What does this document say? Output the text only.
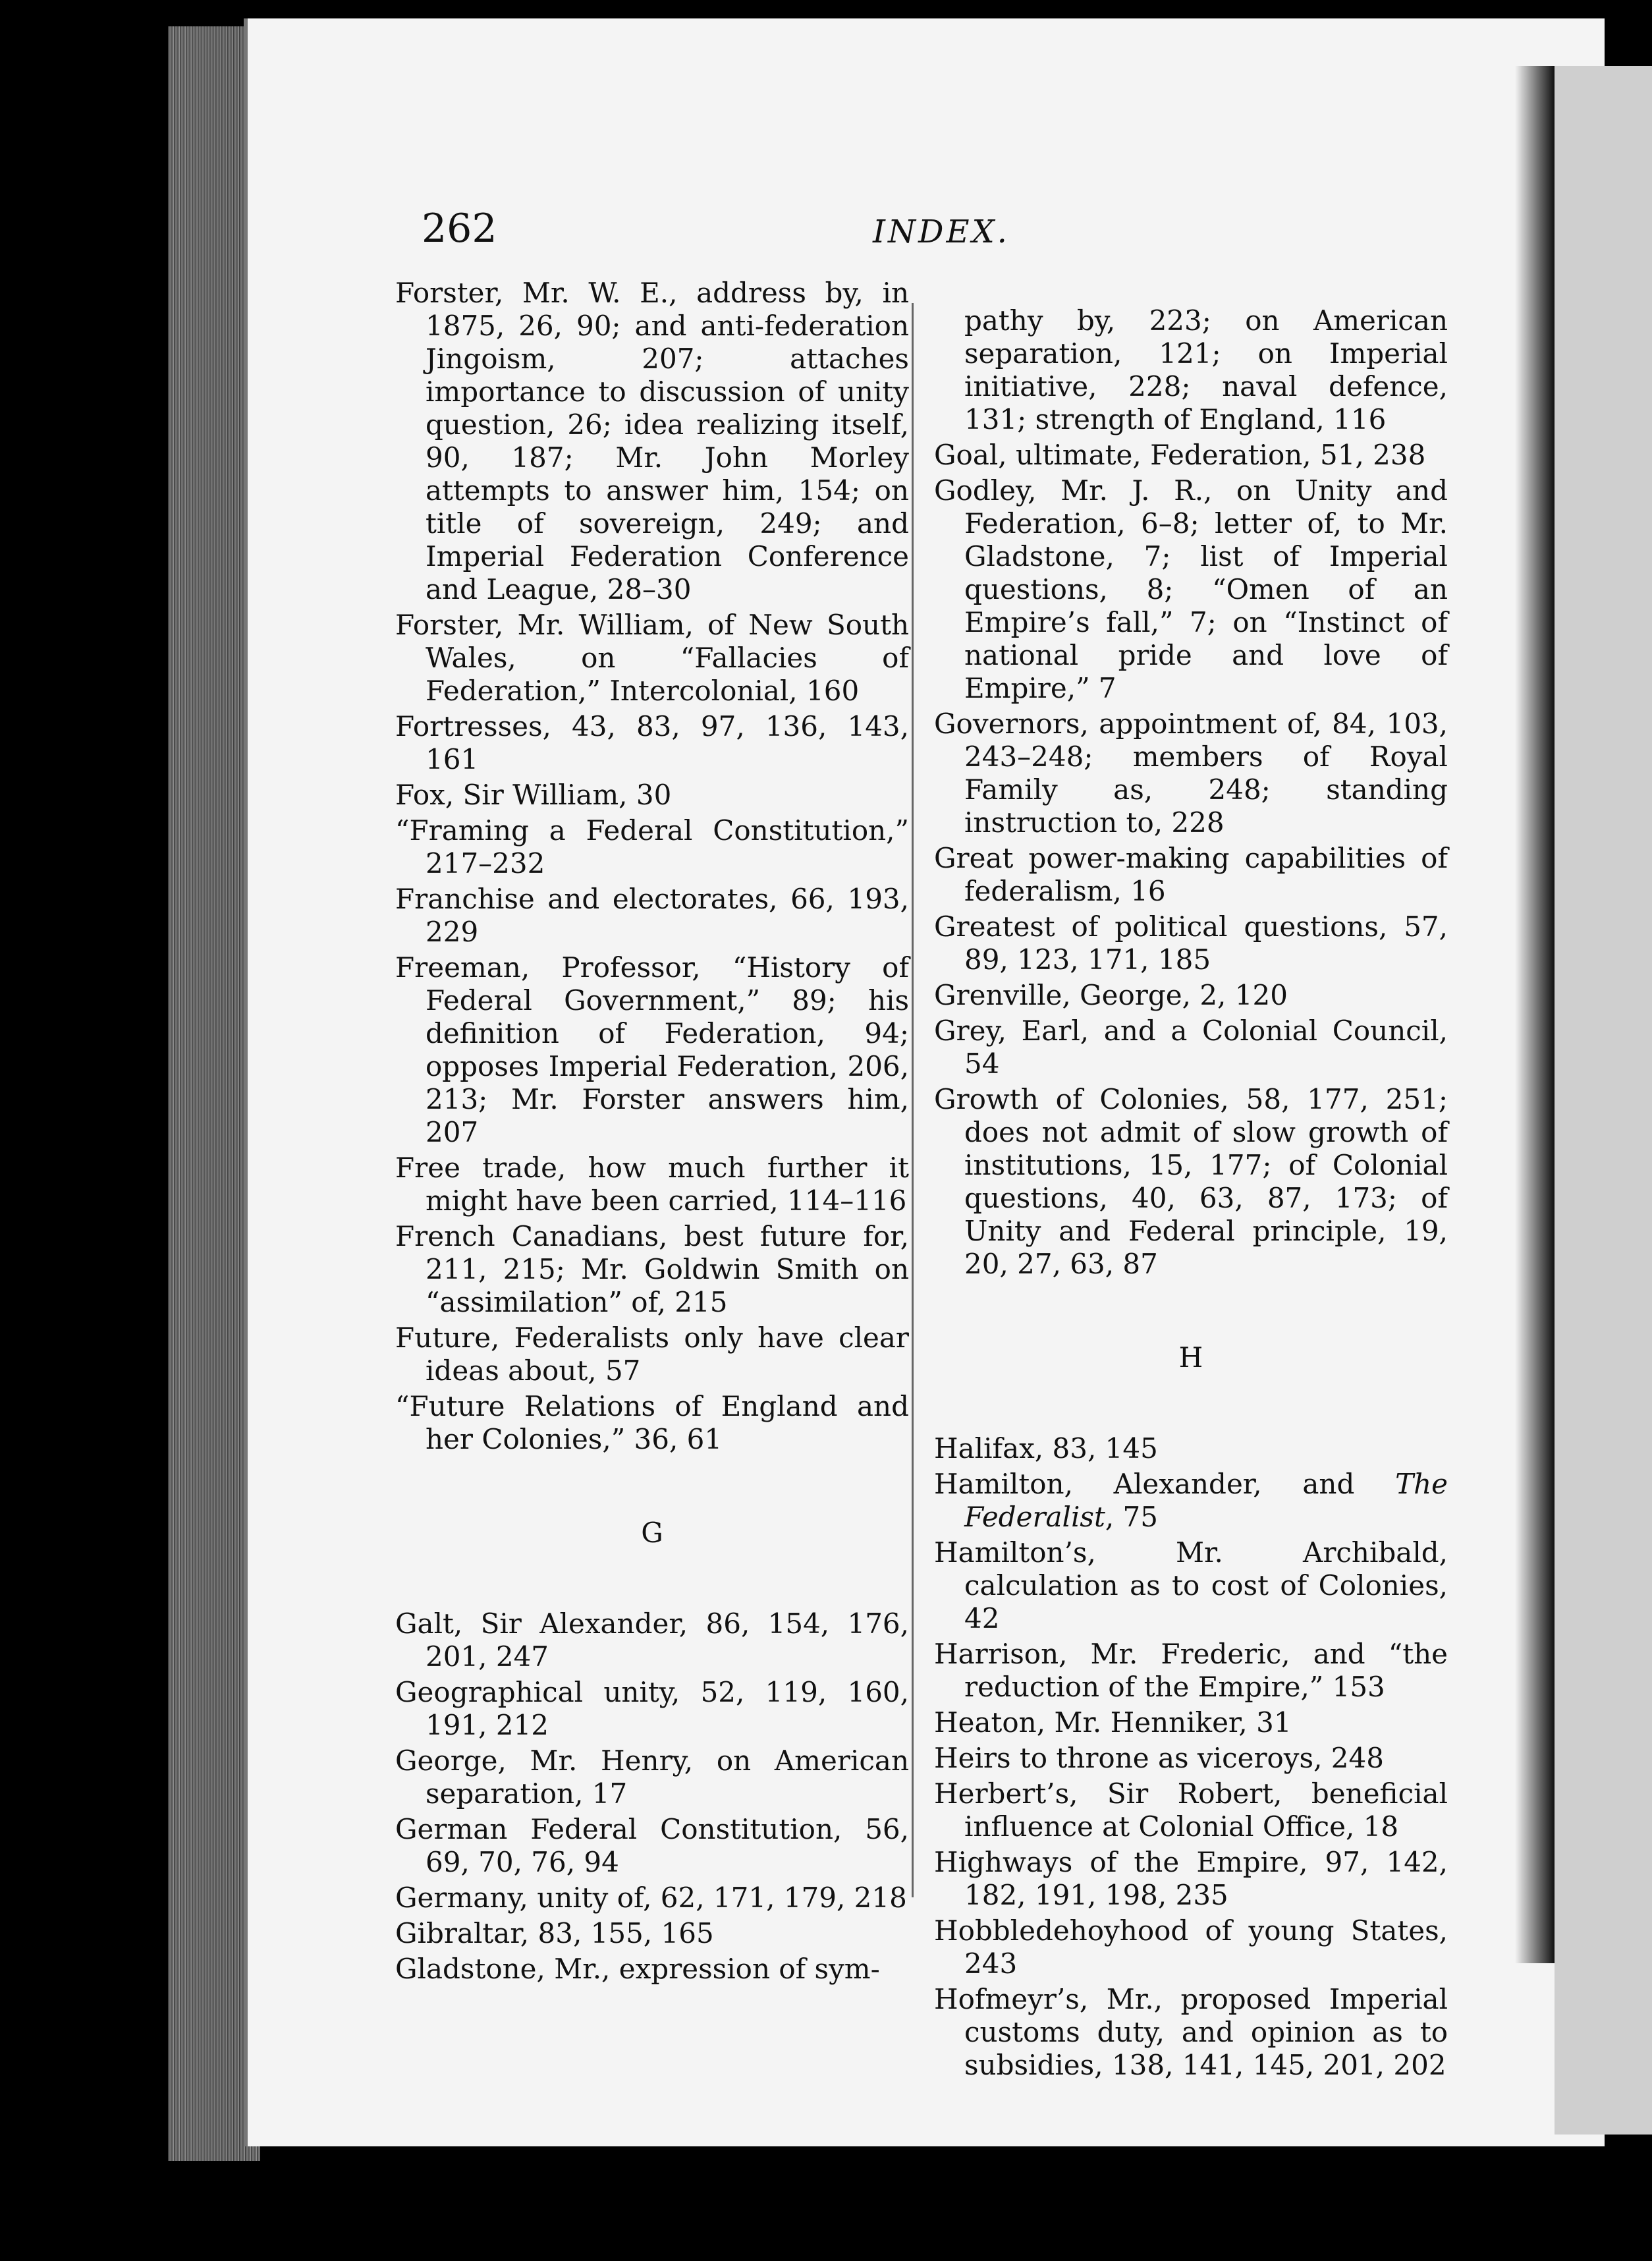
262	INDEX.
Forster, Mr. W. E., address by, in 1875, 26, 90; and anti-federation Jingoism, 207; attaches importance to discussion of unity question, 26; idea realizing itself, 90, 187; Mr. John Morley attempts to answer him, 154; on title of sovereign, 249; and Imperial Federation Conference and League, 28–30
Forster, Mr. William, of New South Wales, on “Fallacies of Federation,” Intercolonial, 160
Fortresses, 43, 83, 97, 136, 143, 161
Fox, Sir William, 30
“Framing a Federal Constitution,” 217–232
Franchise and electorates, 66, 193, 229
Freeman, Professor, “History of Federal Government,” 89; his definition of Federation, 94; opposes Imperial Federation, 206, 213; Mr. Forster answers him, 207
Free trade, how much further it might have been carried, 114–116
French Canadians, best future for, 211, 215; Mr. Goldwin Smith on “assimilation” of, 215
Future, Federalists only have clear ideas about, 57
“Future Relations of England and her Colonies,” 36, 61
G
Galt, Sir Alexander, 86, 154, 176, 201, 247
Geographical unity, 52, 119, 160, 191, 212
George, Mr. Henry, on American separation, 17
German Federal Constitution, 56, 69, 70, 76, 94
Germany, unity of, 62, 171, 179, 218
Gibraltar, 83, 155, 165
Gladstone, Mr., expression of sym-
pathy by, 223; on American separation, 121; on Imperial initiative, 228; naval defence, 131; strength of England, 116
Goal, ultimate, Federation, 51, 238
Godley, Mr. J. R., on Unity and Federation, 6–8; letter of, to Mr. Gladstone, 7; list of Imperial questions, 8; “Omen of an Empire’s fall,” 7; on “Instinct of national pride and love of Empire,” 7
Governors, appointment of, 84, 103, 243–248; members of Royal Family as, 248; standing instruction to, 228
Great power-making capabilities of federalism, 16
Greatest of political questions, 57, 89, 123, 171, 185
Grenville, George, 2, 120
Grey, Earl, and a Colonial Council, 54
Growth of Colonies, 58, 177, 251; does not admit of slow growth of institutions, 15, 177; of Colonial questions, 40, 63, 87, 173; of Unity and Federal principle, 19, 20, 27, 63, 87
H
Halifax, 83, 145
Hamilton, Alexander, and The Federalist, 75
Hamilton’s, Mr. Archibald, calculation as to cost of Colonies, 42
Harrison, Mr. Frederic, and “the reduction of the Empire,” 153
Heaton, Mr. Henniker, 31
Heirs to throne as viceroys, 248
Herbert’s, Sir Robert, beneficial influence at Colonial Office, 18
Highways of the Empire, 97, 142, 182, 191, 198, 235
Hobbledehoyhood of young States, 243
Hofmeyr’s, Mr., proposed Imperial customs duty, and opinion as to subsidies, 138, 141, 145, 201, 202
